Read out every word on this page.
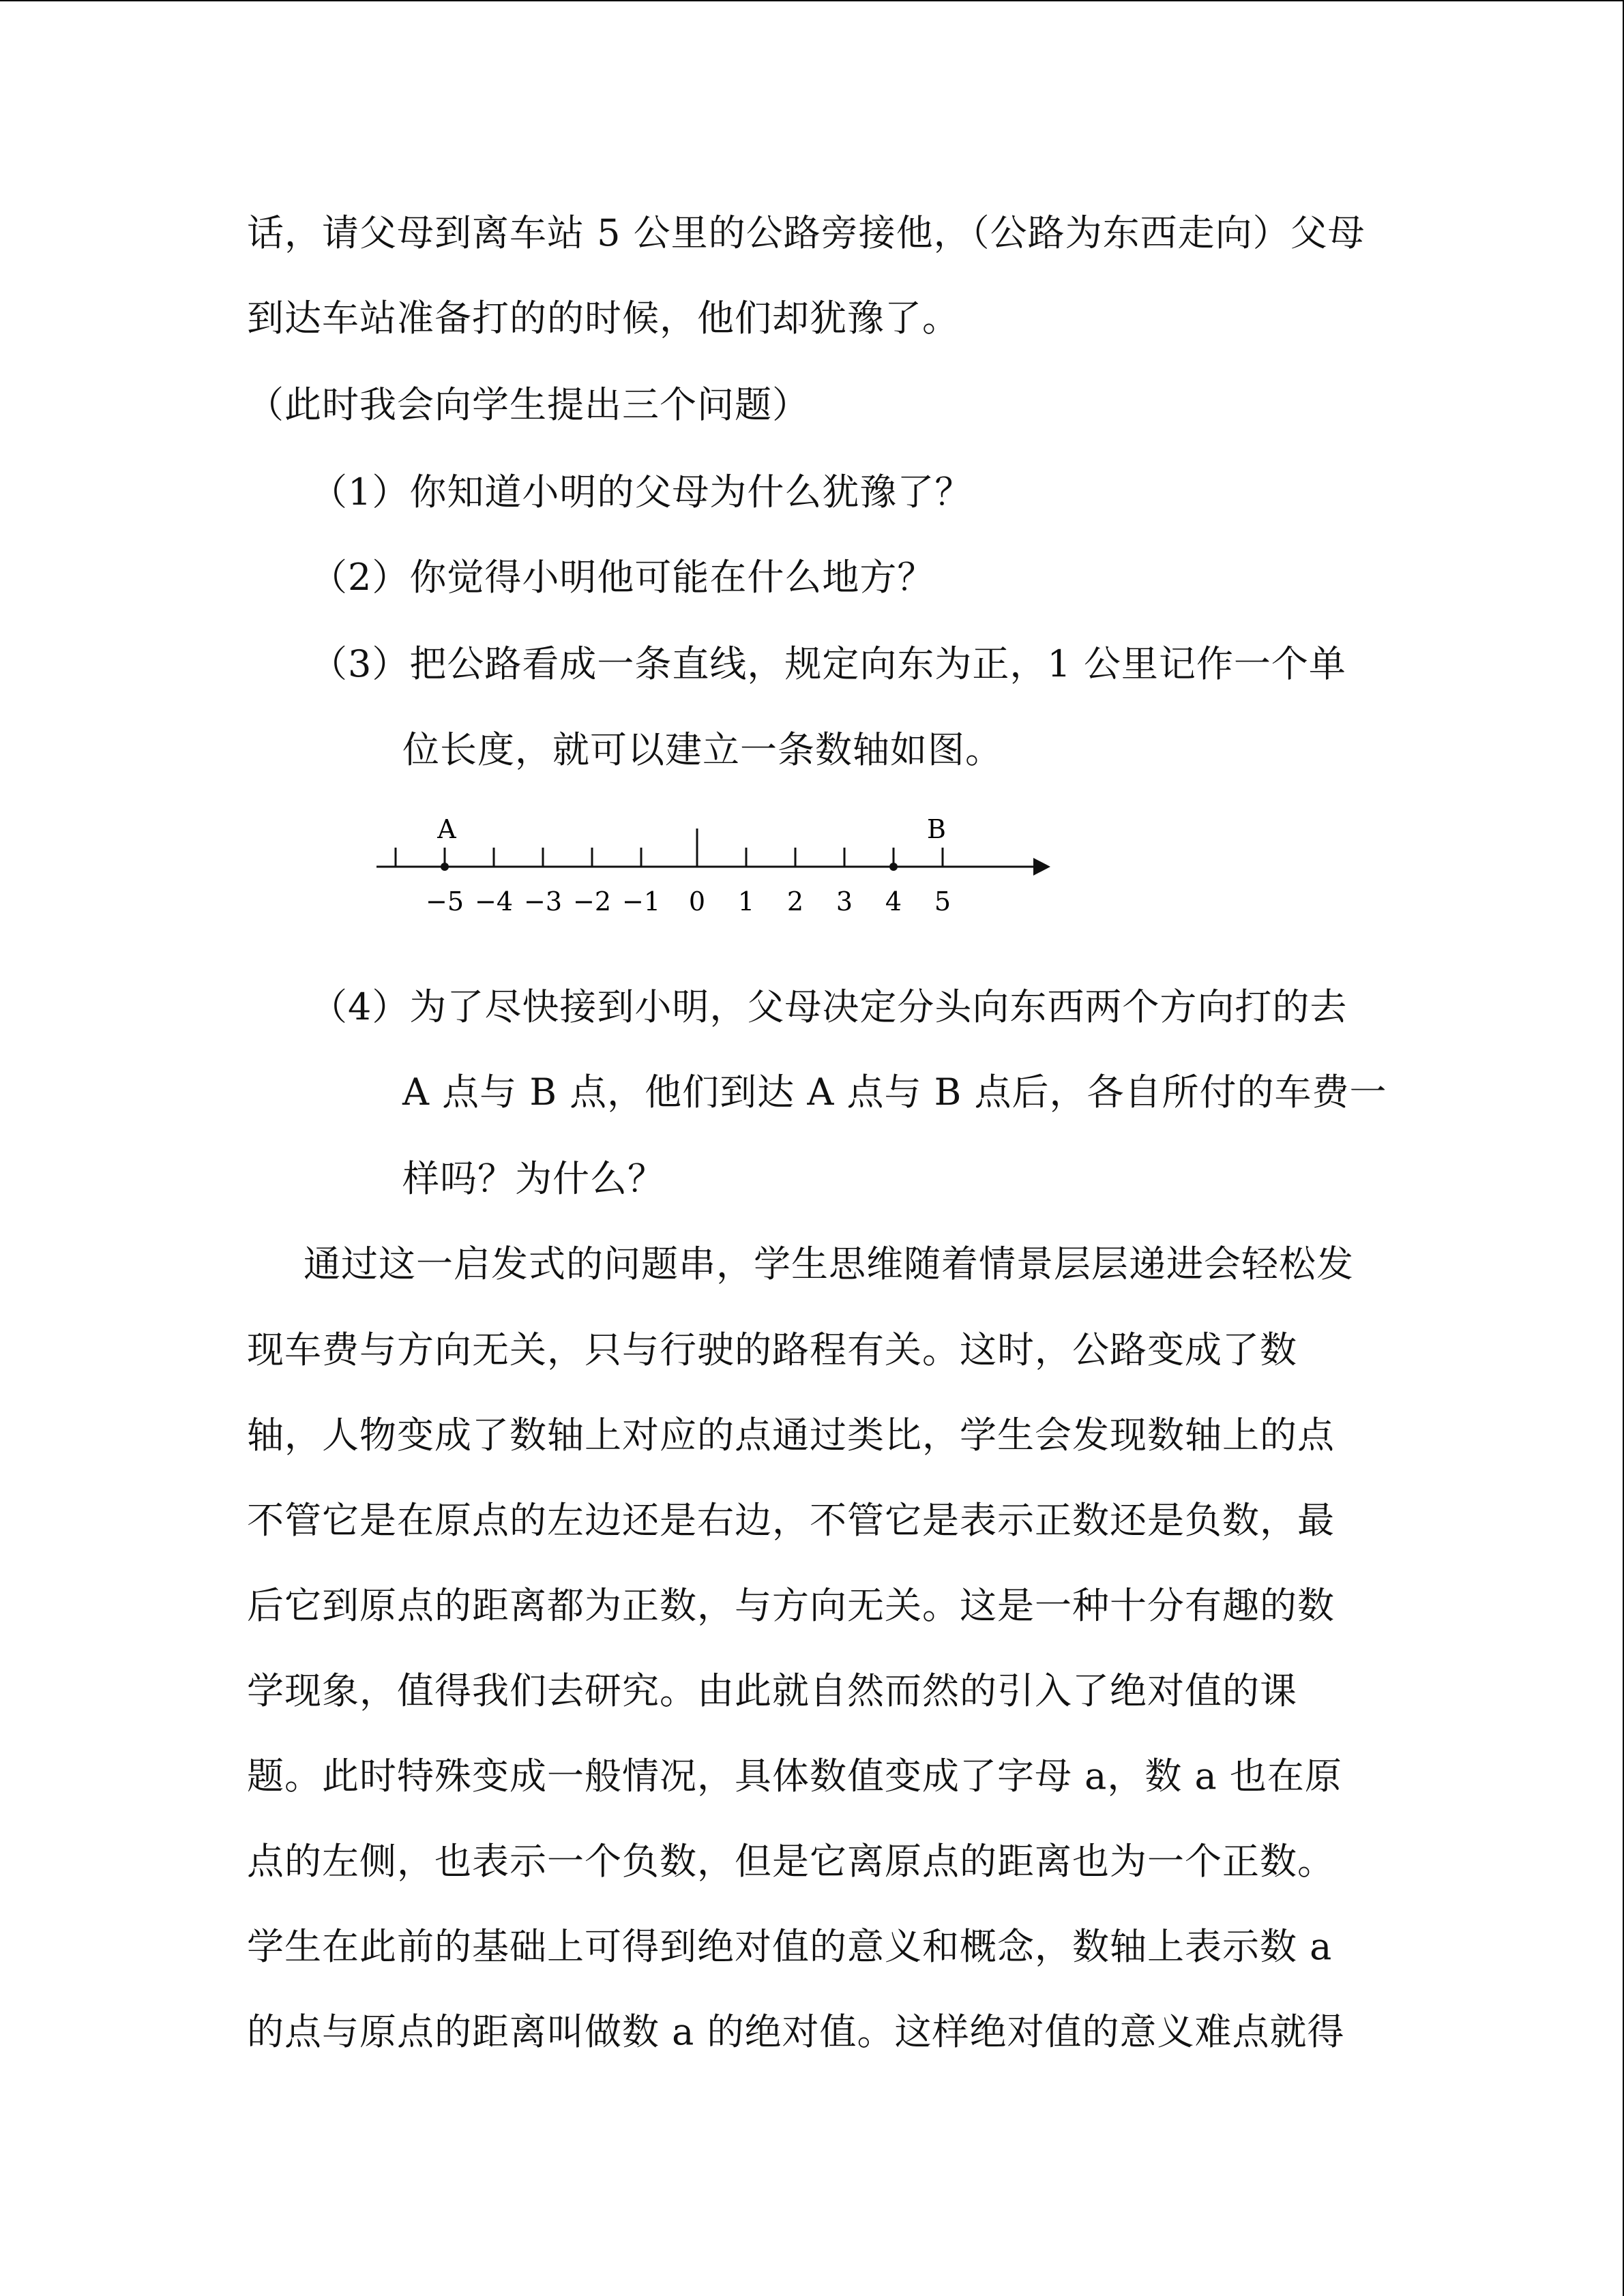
话，请父母到离车站 5 公里的公路旁接他，（公路为东西走向）父母
到达车站准备打的的时候，他们却犹豫了。
（此时我会向学生提出三个问题）
（1）你知道小明的父母为什么犹豫了？
（2）你觉得小明他可能在什么地方？
（3）把公路看成一条直线，规定向东为正，1 公里记作一个单
位长度，就可以建立一条数轴如图。
−5 −4 −3 −2 −1 0 1 2 3 4 5
A	B
（4）为了尽快接到小明，父母决定分头向东西两个方向打的去
A 点与 B 点，他们到达 A 点与 B 点后，各自所付的车费一
样吗？为什么？
通过这一启发式的问题串，学生思维随着情景层层递进会轻松发
现车费与方向无关，只与行驶的路程有关。这时，公路变成了数
轴，人物变成了数轴上对应的点通过类比，学生会发现数轴上的点
不管它是在原点的左边还是右边，不管它是表示正数还是负数，最
后它到原点的距离都为正数，与方向无关。这是一种十分有趣的数
学现象，值得我们去研究。由此就自然而然的引入了绝对值的课
题。此时特殊变成一般情况，具体数值变成了字母 a，数 a 也在原
点的左侧，也表示一个负数，但是它离原点的距离也为一个正数。
学生在此前的基础上可得到绝对值的意义和概念，数轴上表示数 a
的点与原点的距离叫做数 a 的绝对值。这样绝对值的意义难点就得
